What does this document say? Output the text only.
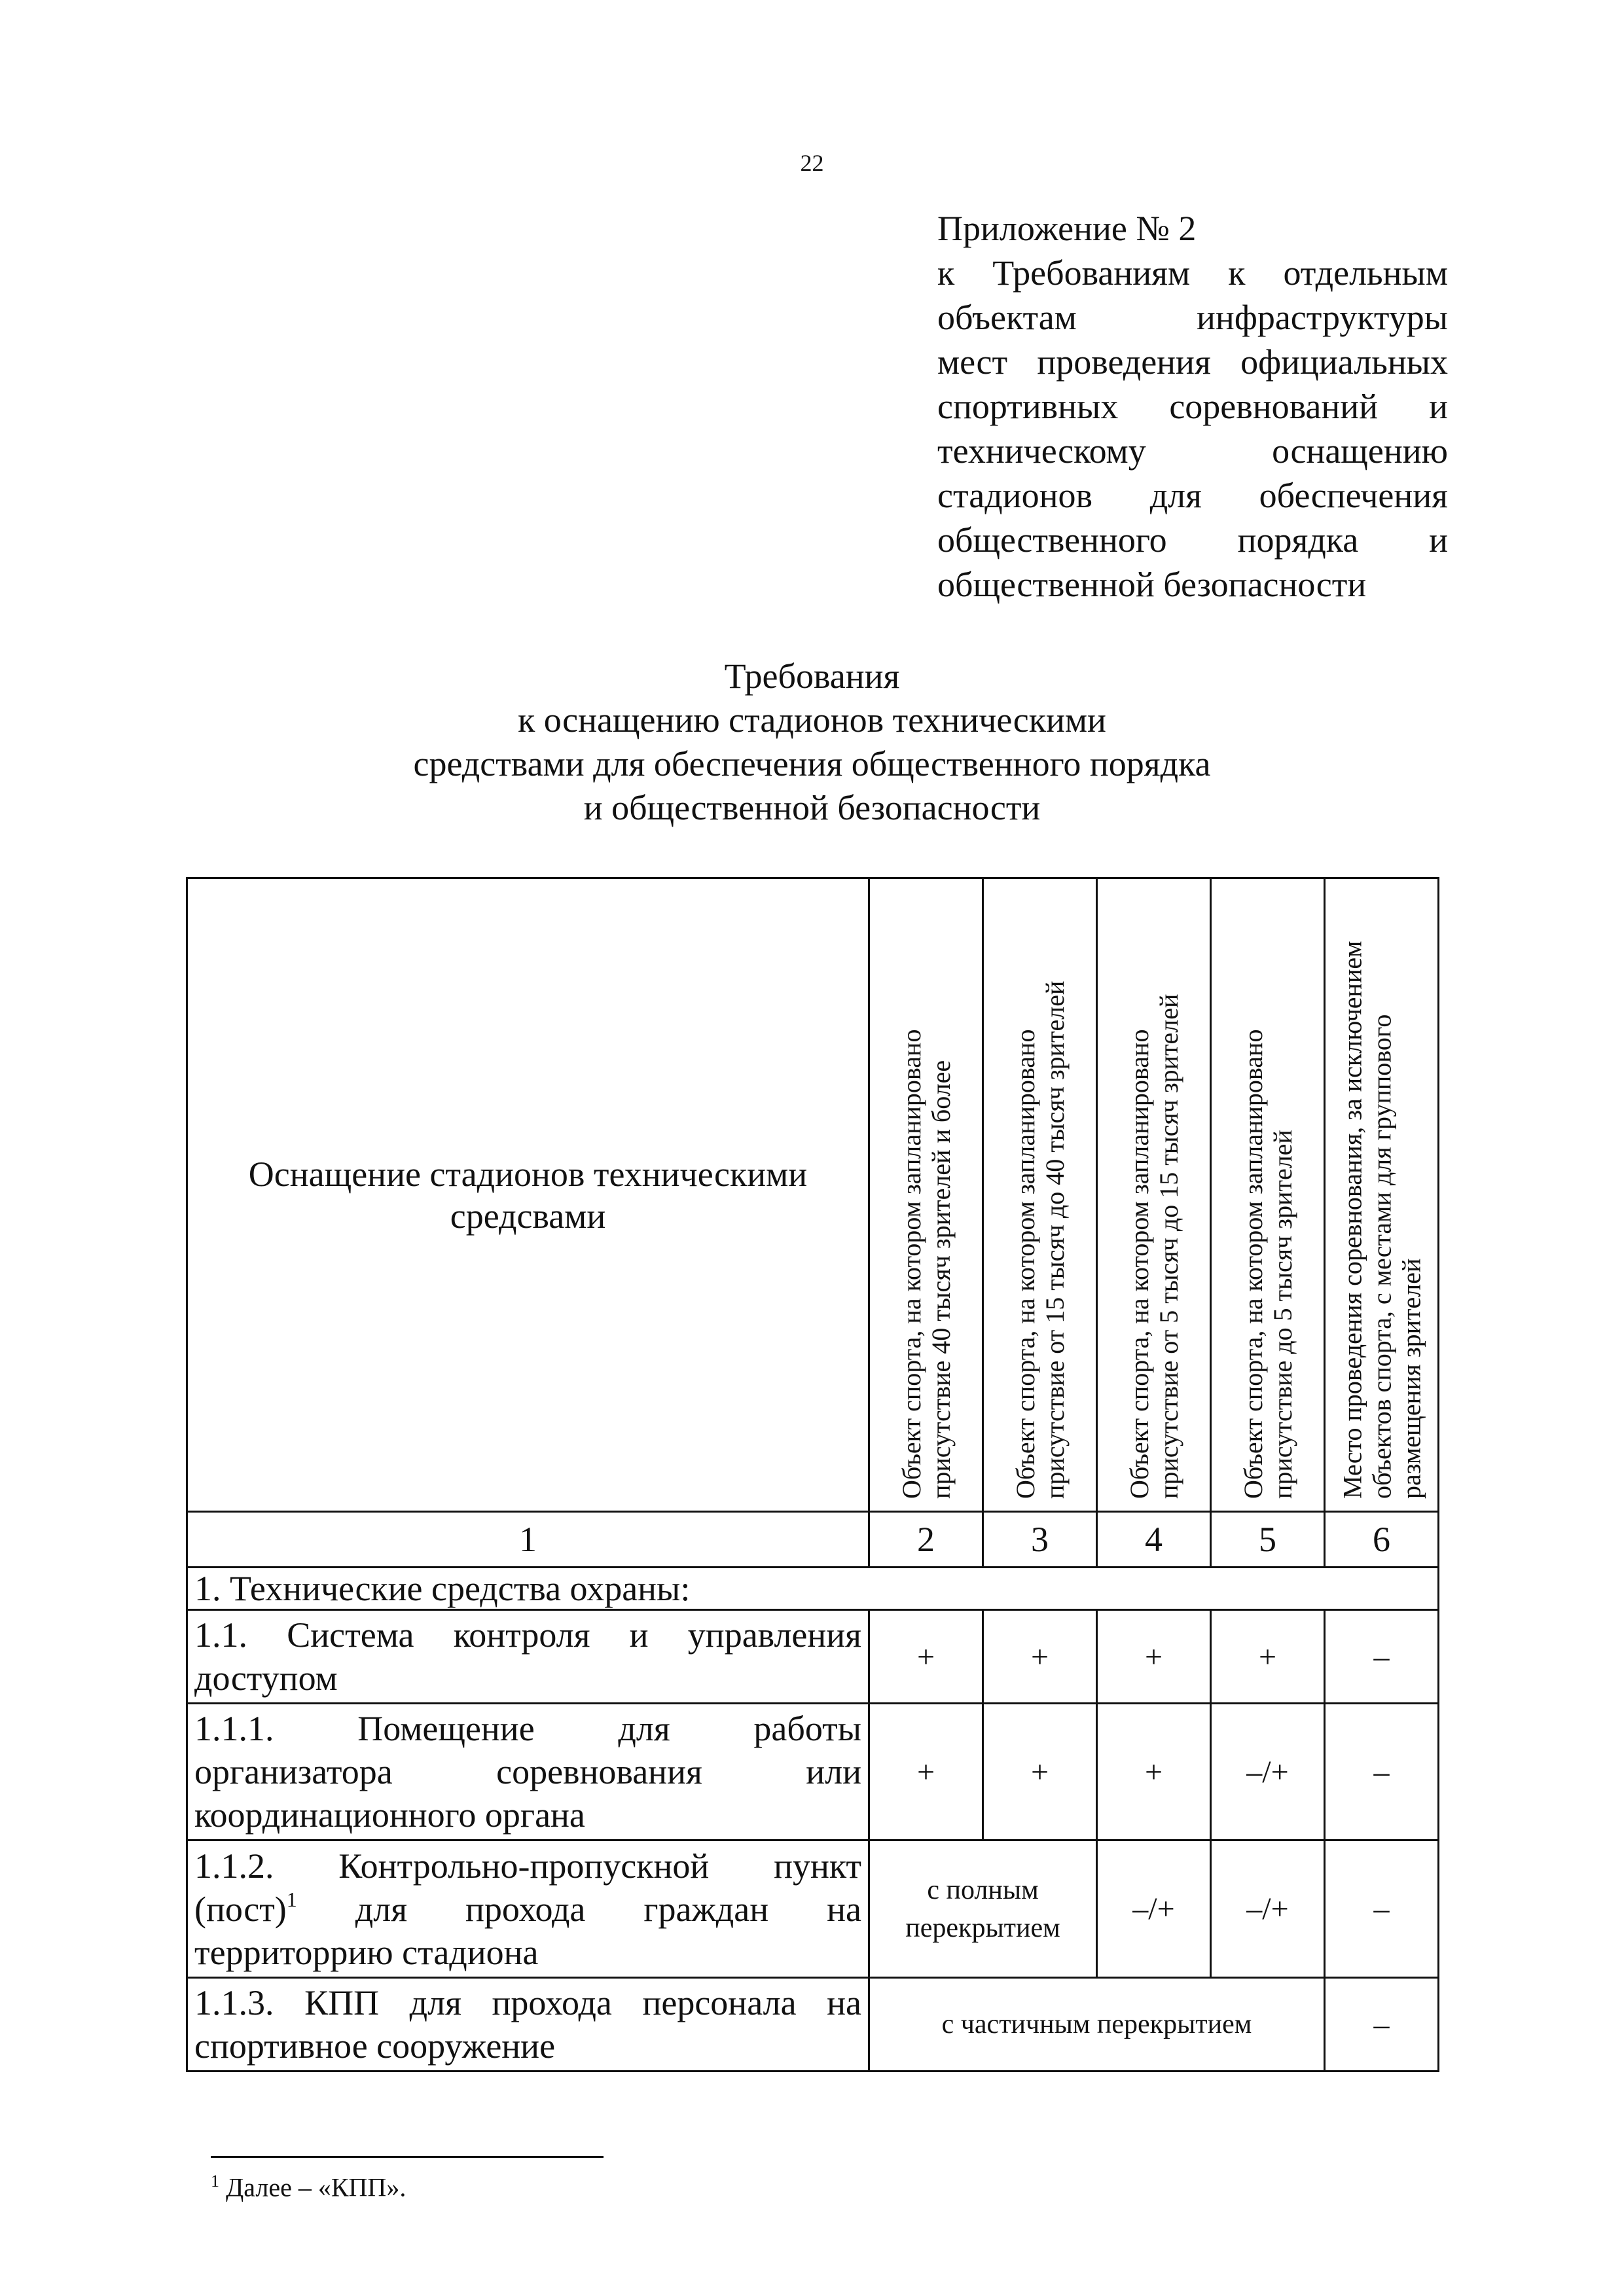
22
Приложение № 2
к Требованиям к отдельным
объектам инфраструктуры
мест проведения официальных
спортивных соревнований и
техническому оснащению
стадионов для обеспечения
общественного порядка и
общественной безопасности
Требования
к оснащению стадионов техническими
средствами для обеспечения общественного порядка
и общественной безопасности
Оснащение стадионов техническими средсвами	Объект спорта, на котором запланировано присутствие 40 тысяч зрителей и более	Объект спорта, на котором запланировано присутствие от 15 тысяч до 40 тысяч зрителей	Объект спорта, на котором запланировано присутствие от 5 тысяч до 15 тысяч зрителей	Объект спорта, на котором запланировано присутствие до 5 тысяч зрителей	Место проведения соревнования, за исключением объектов спорта, с местами для группового размещения зрителей

1	2	3	4	5	6
1. Технические средства охраны:					

1.1. Система контроля и управления
доступом	+	+	+	+	–

1.1.1. Помещение для работы
организатора соревнования или
координационного органа	+	+	+	–/+	–

1.1.2. Контрольно-пропускной пункт
(пост)$^1$ для прохода граждан на
территоррию стадиона	с полным перекрытием		–/+	–/+	–

1.1.3. КПП для прохода персонала на
спортивное сооружение	с частичным перекрытием				–
$^1$ Далее – «КПП».
